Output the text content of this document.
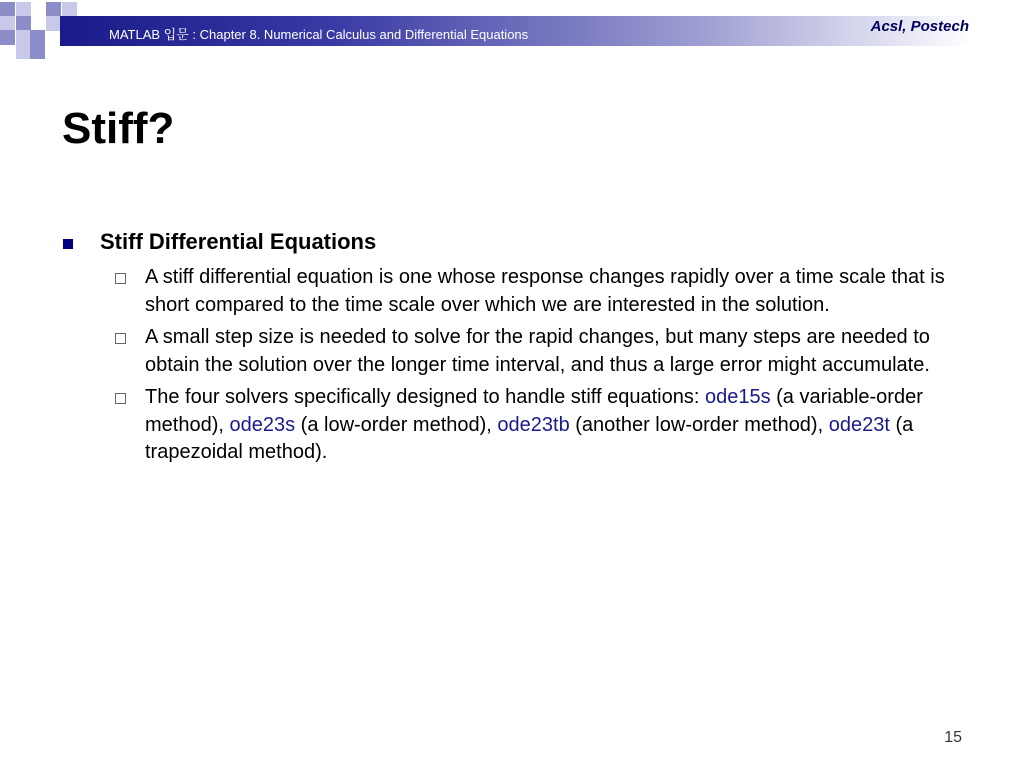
MATLAB 입문 : Chapter 8. Numerical Calculus and Differential Equations	Acsl, Postech
Stiff?
Stiff Differential Equations
A stiff differential equation is one whose response changes rapidly over a time scale that is short compared to the time scale over which we are interested in the solution.
A small step size is needed to solve for the rapid changes, but many steps are needed to obtain the solution over the longer time interval, and thus a large error might accumulate.
The four solvers specifically designed to handle stiff equations: ode15s (a variable-order method), ode23s (a low-order method), ode23tb (another low-order method), ode23t (a trapezoidal method).
15
